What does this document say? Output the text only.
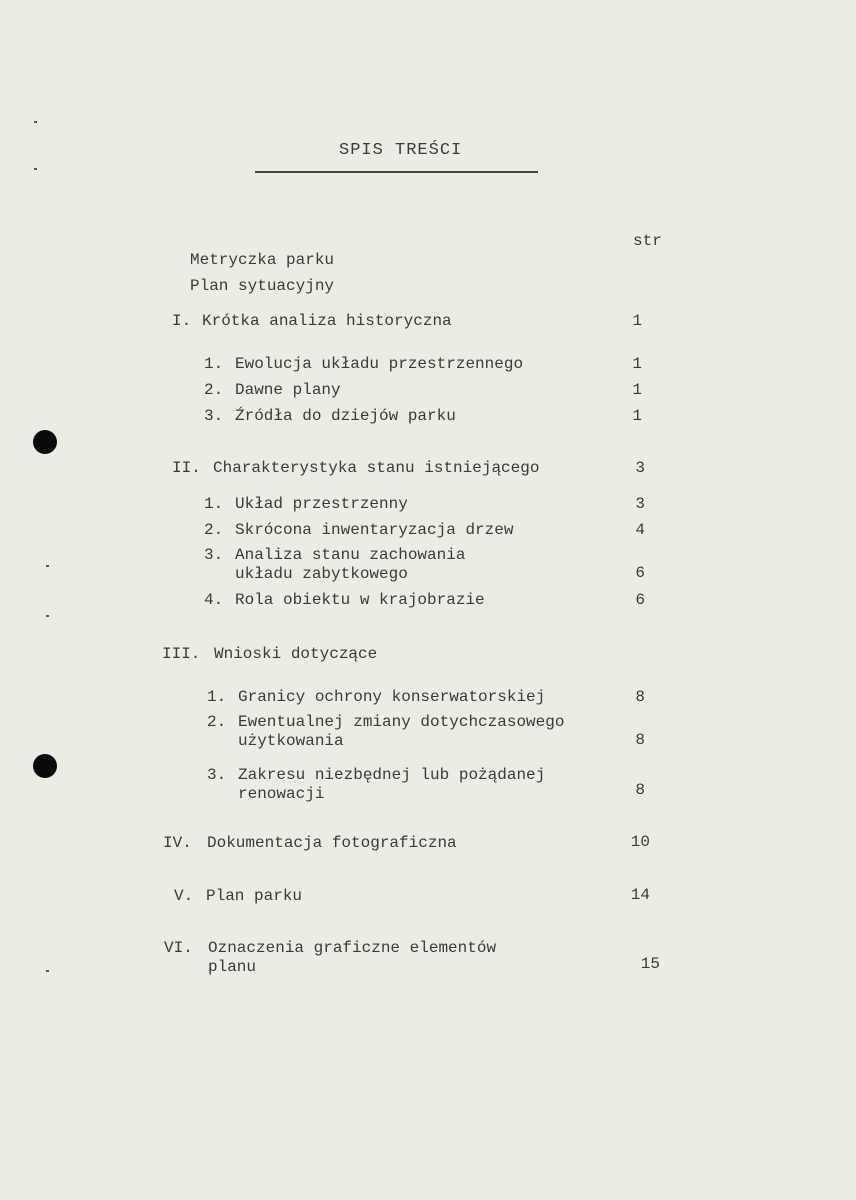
SPIS TREŚCI
str
Metryczka parku
Plan sytuacyjny
I. Krótka analiza historyczna	1
1. Ewolucja układu przestrzennego	1
2. Dawne plany	1
3. Źródła do dziejów parku	1
II. Charakterystyka stanu istniejącego	3
1. Układ przestrzenny	3
2. Skrócona inwentaryzacja drzew	4
3. Analiza stanu zachowania
układu zabytkowego	6
4. Rola obiektu w krajobrazie	6
III. Wnioski dotyczące
1. Granicy ochrony konserwatorskiej	8
2. Ewentualnej zmiany dotychczasowego
użytkowania	8
3. Zakresu niezbędnej lub pożądanej
renowacji	8
IV. Dokumentacja fotograficzna	10
V. Plan parku	14
VI. Oznaczenia graficzne elementów
planu	15
